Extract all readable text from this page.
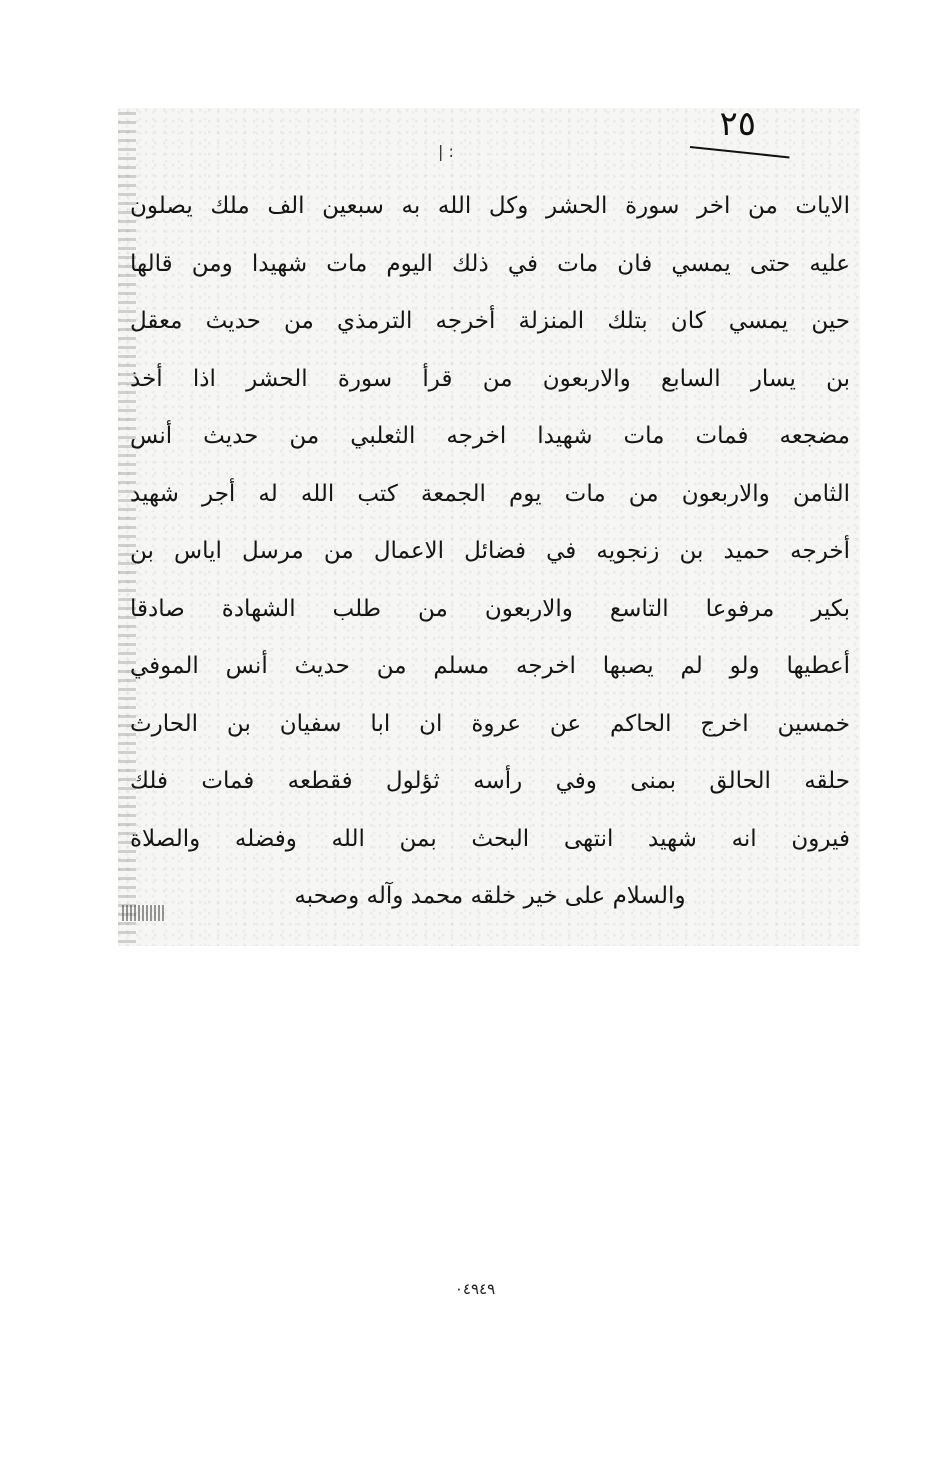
٢٥
| :
الايات من اخر سورة الحشر وكل الله به سبعين الف ملك يصلون
عليه حتى يمسي فان مات في ذلك اليوم مات شهيدا ومن قالها
حين يمسي كان بتلك المنزلة أخرجه الترمذي من حديث معقل
بن يسار السابع والاربعون من قرأ سورة الحشر اذا أخذ
مضجعه فمات مات شهيدا اخرجه الثعلبي من حديث أنس
الثامن والاربعون من مات يوم الجمعة كتب الله له أجر شهيد
أخرجه حميد بن زنجويه في فضائل الاعمال من مرسل اياس بن
بكير مرفوعا التاسع والاربعون من طلب الشهادة صادقا
أعطيها ولو لم يصبها اخرجه مسلم من حديث أنس الموفي
خمسين اخرج الحاكم عن عروة ان ابا سفيان بن الحارث
حلقه الحالق بمنى وفي رأسه ثؤلول فقطعه فمات فلك
فيرون انه شهيد انتهى البحث بمن الله وفضله والصلاة
والسلام على خير خلقه محمد وآله وصحبه
٠٤٩٤٩
